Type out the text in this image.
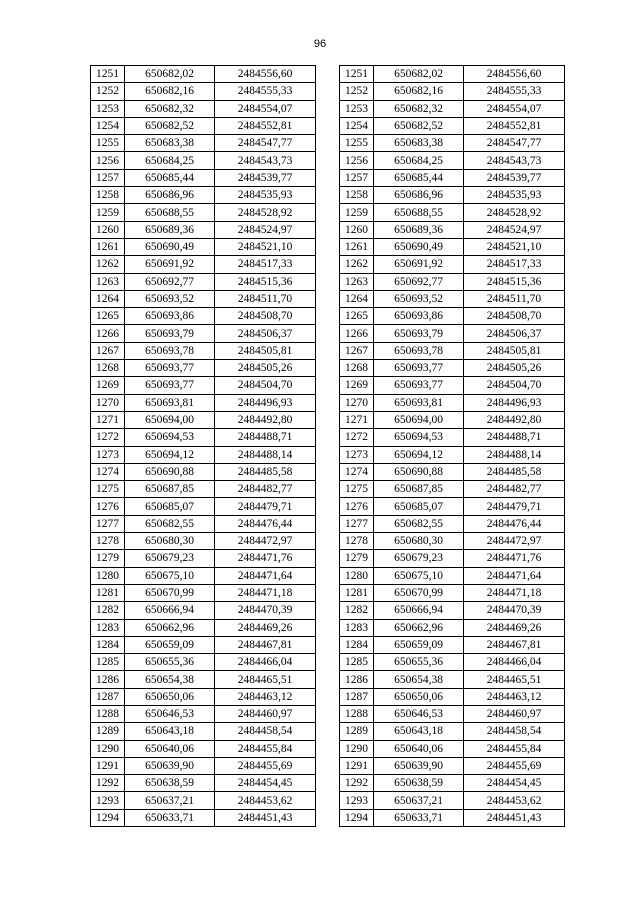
96
1251	650682,02	2484556,60
1252	650682,16	2484555,33
1253	650682,32	2484554,07
1254	650682,52	2484552,81
1255	650683,38	2484547,77
1256	650684,25	2484543,73
1257	650685,44	2484539,77
1258	650686,96	2484535,93
1259	650688,55	2484528,92
1260	650689,36	2484524,97
1261	650690,49	2484521,10
1262	650691,92	2484517,33
1263	650692,77	2484515,36
1264	650693,52	2484511,70
1265	650693,86	2484508,70
1266	650693,79	2484506,37
1267	650693,78	2484505,81
1268	650693,77	2484505,26
1269	650693,77	2484504,70
1270	650693,81	2484496,93
1271	650694,00	2484492,80
1272	650694,53	2484488,71
1273	650694,12	2484488,14
1274	650690,88	2484485,58
1275	650687,85	2484482,77
1276	650685,07	2484479,71
1277	650682,55	2484476,44
1278	650680,30	2484472,97
1279	650679,23	2484471,76
1280	650675,10	2484471,64
1281	650670,99	2484471,18
1282	650666,94	2484470,39
1283	650662,96	2484469,26
1284	650659,09	2484467,81
1285	650655,36	2484466,04
1286	650654,38	2484465,51
1287	650650,06	2484463,12
1288	650646,53	2484460,97
1289	650643,18	2484458,54
1290	650640,06	2484455,84
1291	650639,90	2484455,69
1292	650638,59	2484454,45
1293	650637,21	2484453,62
1294	650633,71	2484451,43
1251	650682,02	2484556,60
1252	650682,16	2484555,33
1253	650682,32	2484554,07
1254	650682,52	2484552,81
1255	650683,38	2484547,77
1256	650684,25	2484543,73
1257	650685,44	2484539,77
1258	650686,96	2484535,93
1259	650688,55	2484528,92
1260	650689,36	2484524,97
1261	650690,49	2484521,10
1262	650691,92	2484517,33
1263	650692,77	2484515,36
1264	650693,52	2484511,70
1265	650693,86	2484508,70
1266	650693,79	2484506,37
1267	650693,78	2484505,81
1268	650693,77	2484505,26
1269	650693,77	2484504,70
1270	650693,81	2484496,93
1271	650694,00	2484492,80
1272	650694,53	2484488,71
1273	650694,12	2484488,14
1274	650690,88	2484485,58
1275	650687,85	2484482,77
1276	650685,07	2484479,71
1277	650682,55	2484476,44
1278	650680,30	2484472,97
1279	650679,23	2484471,76
1280	650675,10	2484471,64
1281	650670,99	2484471,18
1282	650666,94	2484470,39
1283	650662,96	2484469,26
1284	650659,09	2484467,81
1285	650655,36	2484466,04
1286	650654,38	2484465,51
1287	650650,06	2484463,12
1288	650646,53	2484460,97
1289	650643,18	2484458,54
1290	650640,06	2484455,84
1291	650639,90	2484455,69
1292	650638,59	2484454,45
1293	650637,21	2484453,62
1294	650633,71	2484451,43
